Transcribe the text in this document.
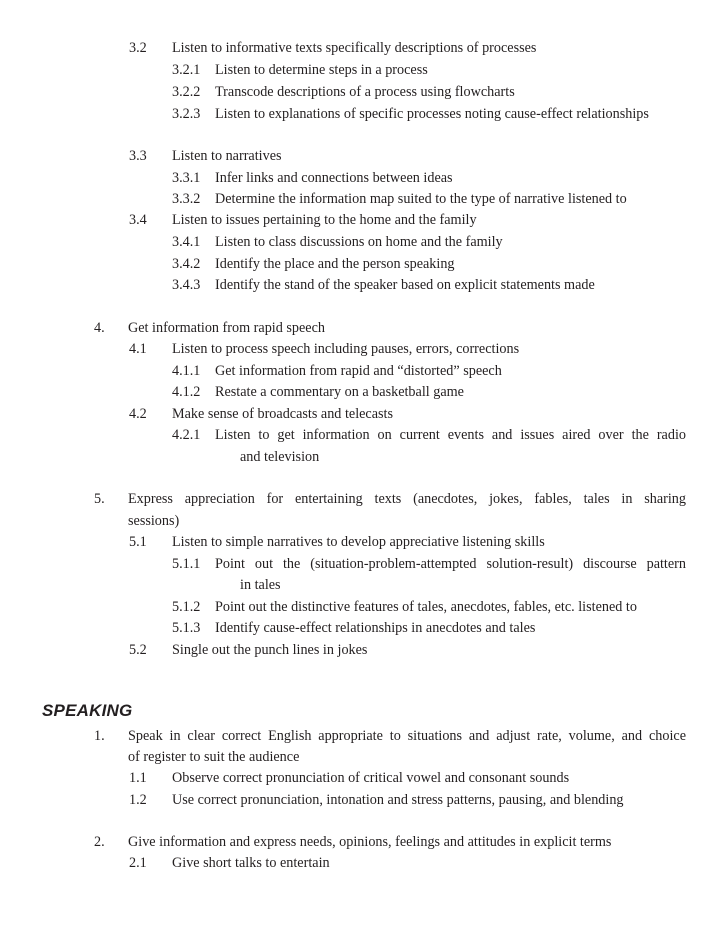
3.2 Listen to informative texts specifically descriptions of processes
3.2.1 Listen to determine steps in a process
3.2.2 Transcode descriptions of a process using flowcharts
3.2.3 Listen to explanations of specific processes noting cause-effect relationships
3.3 Listen to narratives
3.3.1 Infer links and connections between ideas
3.3.2 Determine the information map suited to the type of narrative listened to
3.4 Listen to issues pertaining to the home and the family
3.4.1 Listen to class discussions on home and the family
3.4.2 Identify the place and the person speaking
3.4.3 Identify the stand of the speaker based on explicit statements made
4. Get information from rapid speech
4.1 Listen to process speech including pauses, errors, corrections
4.1.1 Get information from rapid and “distorted” speech
4.1.2 Restate a commentary on a basketball game
4.2 Make sense of broadcasts and telecasts
4.2.1 Listen to get information on current events and issues aired over the radio
and television
5. Express appreciation for entertaining texts (anecdotes, jokes, fables, tales in sharing
sessions)
5.1 Listen to simple narratives to develop appreciative listening skills
5.1.1 Point out the (situation-problem-attempted solution-result) discourse pattern
in tales
5.1.2 Point out the distinctive features of tales, anecdotes, fables, etc. listened to
5.1.3 Identify cause-effect relationships in anecdotes and tales
5.2 Single out the punch lines in jokes
SPEAKING
1. Speak in clear correct English appropriate to situations and adjust rate, volume, and choice
of register to suit the audience
1.1 Observe correct pronunciation of critical vowel and consonant sounds
1.2 Use correct pronunciation, intonation and stress patterns, pausing, and blending
2. Give information and express needs, opinions, feelings and attitudes in explicit terms
2.1 Give short talks to entertain
